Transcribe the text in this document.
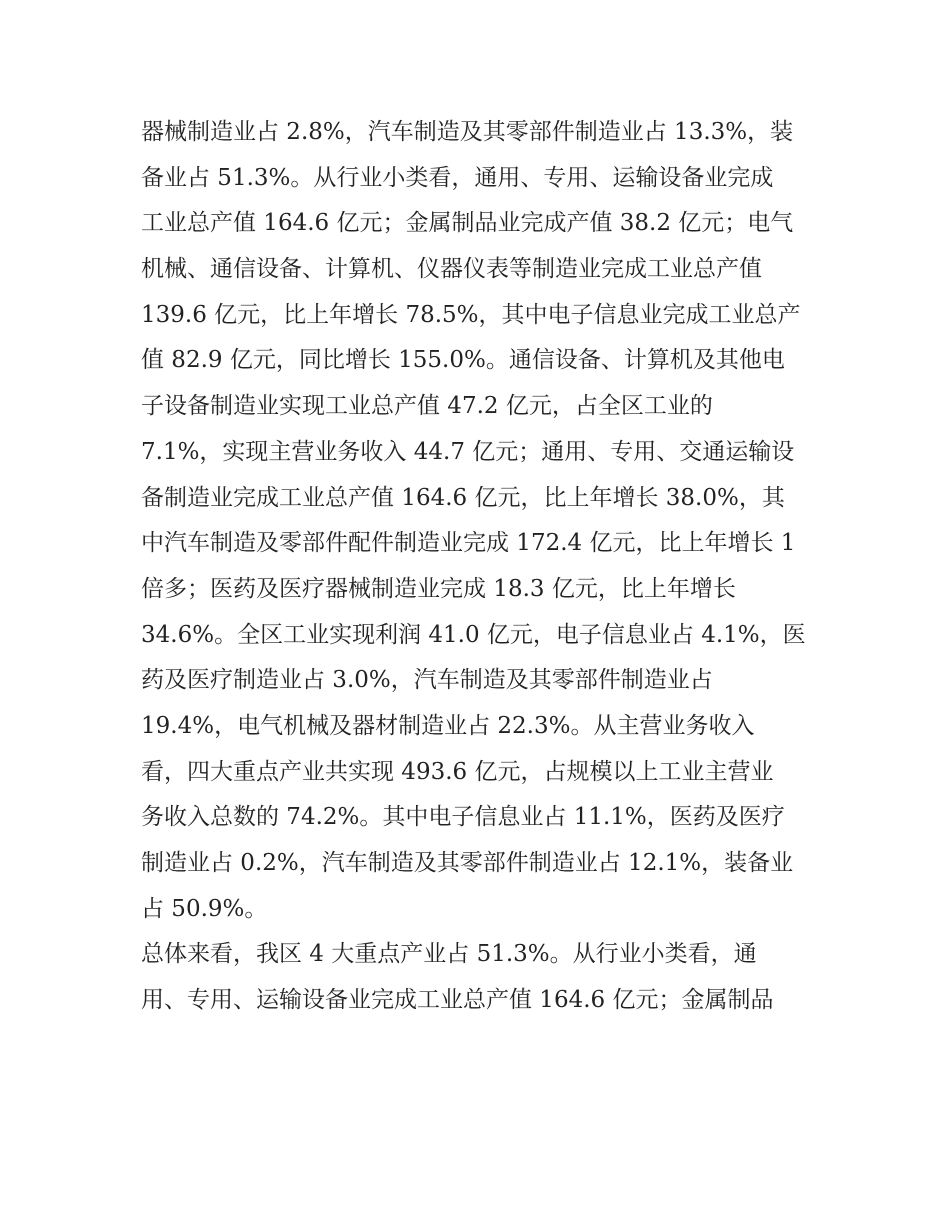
器械制造业占 2.8%，汽车制造及其零部件制造业占 13.3%，装
备业占 51.3%。从行业小类看，通用、专用、运输设备业完成
工业总产值 164.6 亿元；金属制品业完成产值 38.2 亿元；电气
机械、通信设备、计算机、仪器仪表等制造业完成工业总产值
139.6 亿元，比上年增长 78.5%，其中电子信息业完成工业总产
值 82.9 亿元，同比增长 155.0%。通信设备、计算机及其他电
子设备制造业实现工业总产值 47.2 亿元，占全区工业的
7.1%，实现主营业务收入 44.7 亿元；通用、专用、交通运输设
备制造业完成工业总产值 164.6 亿元，比上年增长 38.0%，其
中汽车制造及零部件配件制造业完成 172.4 亿元，比上年增长 1
倍多；医药及医疗器械制造业完成 18.3 亿元，比上年增长
34.6%。全区工业实现利润 41.0 亿元，电子信息业占 4.1%，医
药及医疗制造业占 3.0%，汽车制造及其零部件制造业占
19.4%，电气机械及器材制造业占 22.3%。从主营业务收入
看，四大重点产业共实现 493.6 亿元，占规模以上工业主营业
务收入总数的 74.2%。其中电子信息业占 11.1%，医药及医疗
制造业占 0.2%，汽车制造及其零部件制造业占 12.1%，装备业
占 50.9%。
总体来看，我区 4 大重点产业占 51.3%。从行业小类看，通
用、专用、运输设备业完成工业总产值 164.6 亿元；金属制品
